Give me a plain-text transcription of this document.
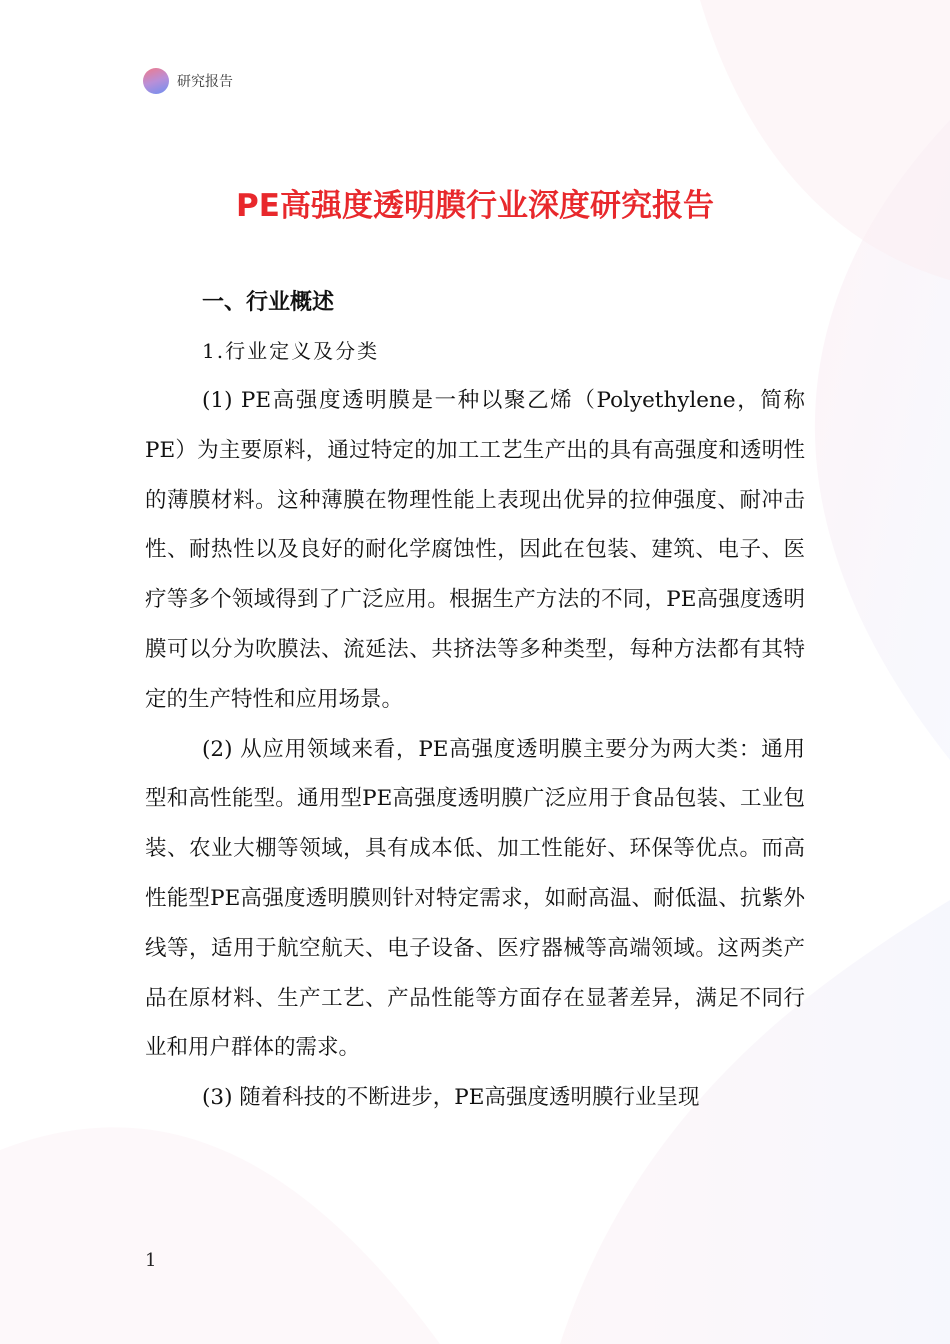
研究报告
PE高强度透明膜行业深度研究报告
一、行业概述
1.行业定义及分类

(1) PE高强度透明膜是一种以聚乙烯（Polyethylene，简称PE）为主要原料，通过特定的加工工艺生产出的具有高强度和透明性的薄膜材料。这种薄膜在物理性能上表现出优异的拉伸强度、耐冲击性、耐热性以及良好的耐化学腐蚀性，因此在包装、建筑、电子、医疗等多个领域得到了广泛应用。根据生产方法的不同，PE高强度透明膜可以分为吹膜法、流延法、共挤法等多种类型，每种方法都有其特定的生产特性和应用场景。

(2) 从应用领域来看，PE高强度透明膜主要分为两大类：通用型和高性能型。通用型PE高强度透明膜广泛应用于食品包装、工业包装、农业大棚等领域，具有成本低、加工性能好、环保等优点。而高性能型PE高强度透明膜则针对特定需求，如耐高温、耐低温、抗紫外线等，适用于航空航天、电子设备、医疗器械等高端领域。这两类产品在原材料、生产工艺、产品性能等方面存在显著差异，满足不同行业和用户群体的需求。

(3) 随着科技的不断进步，PE高强度透明膜行业呈现

1
